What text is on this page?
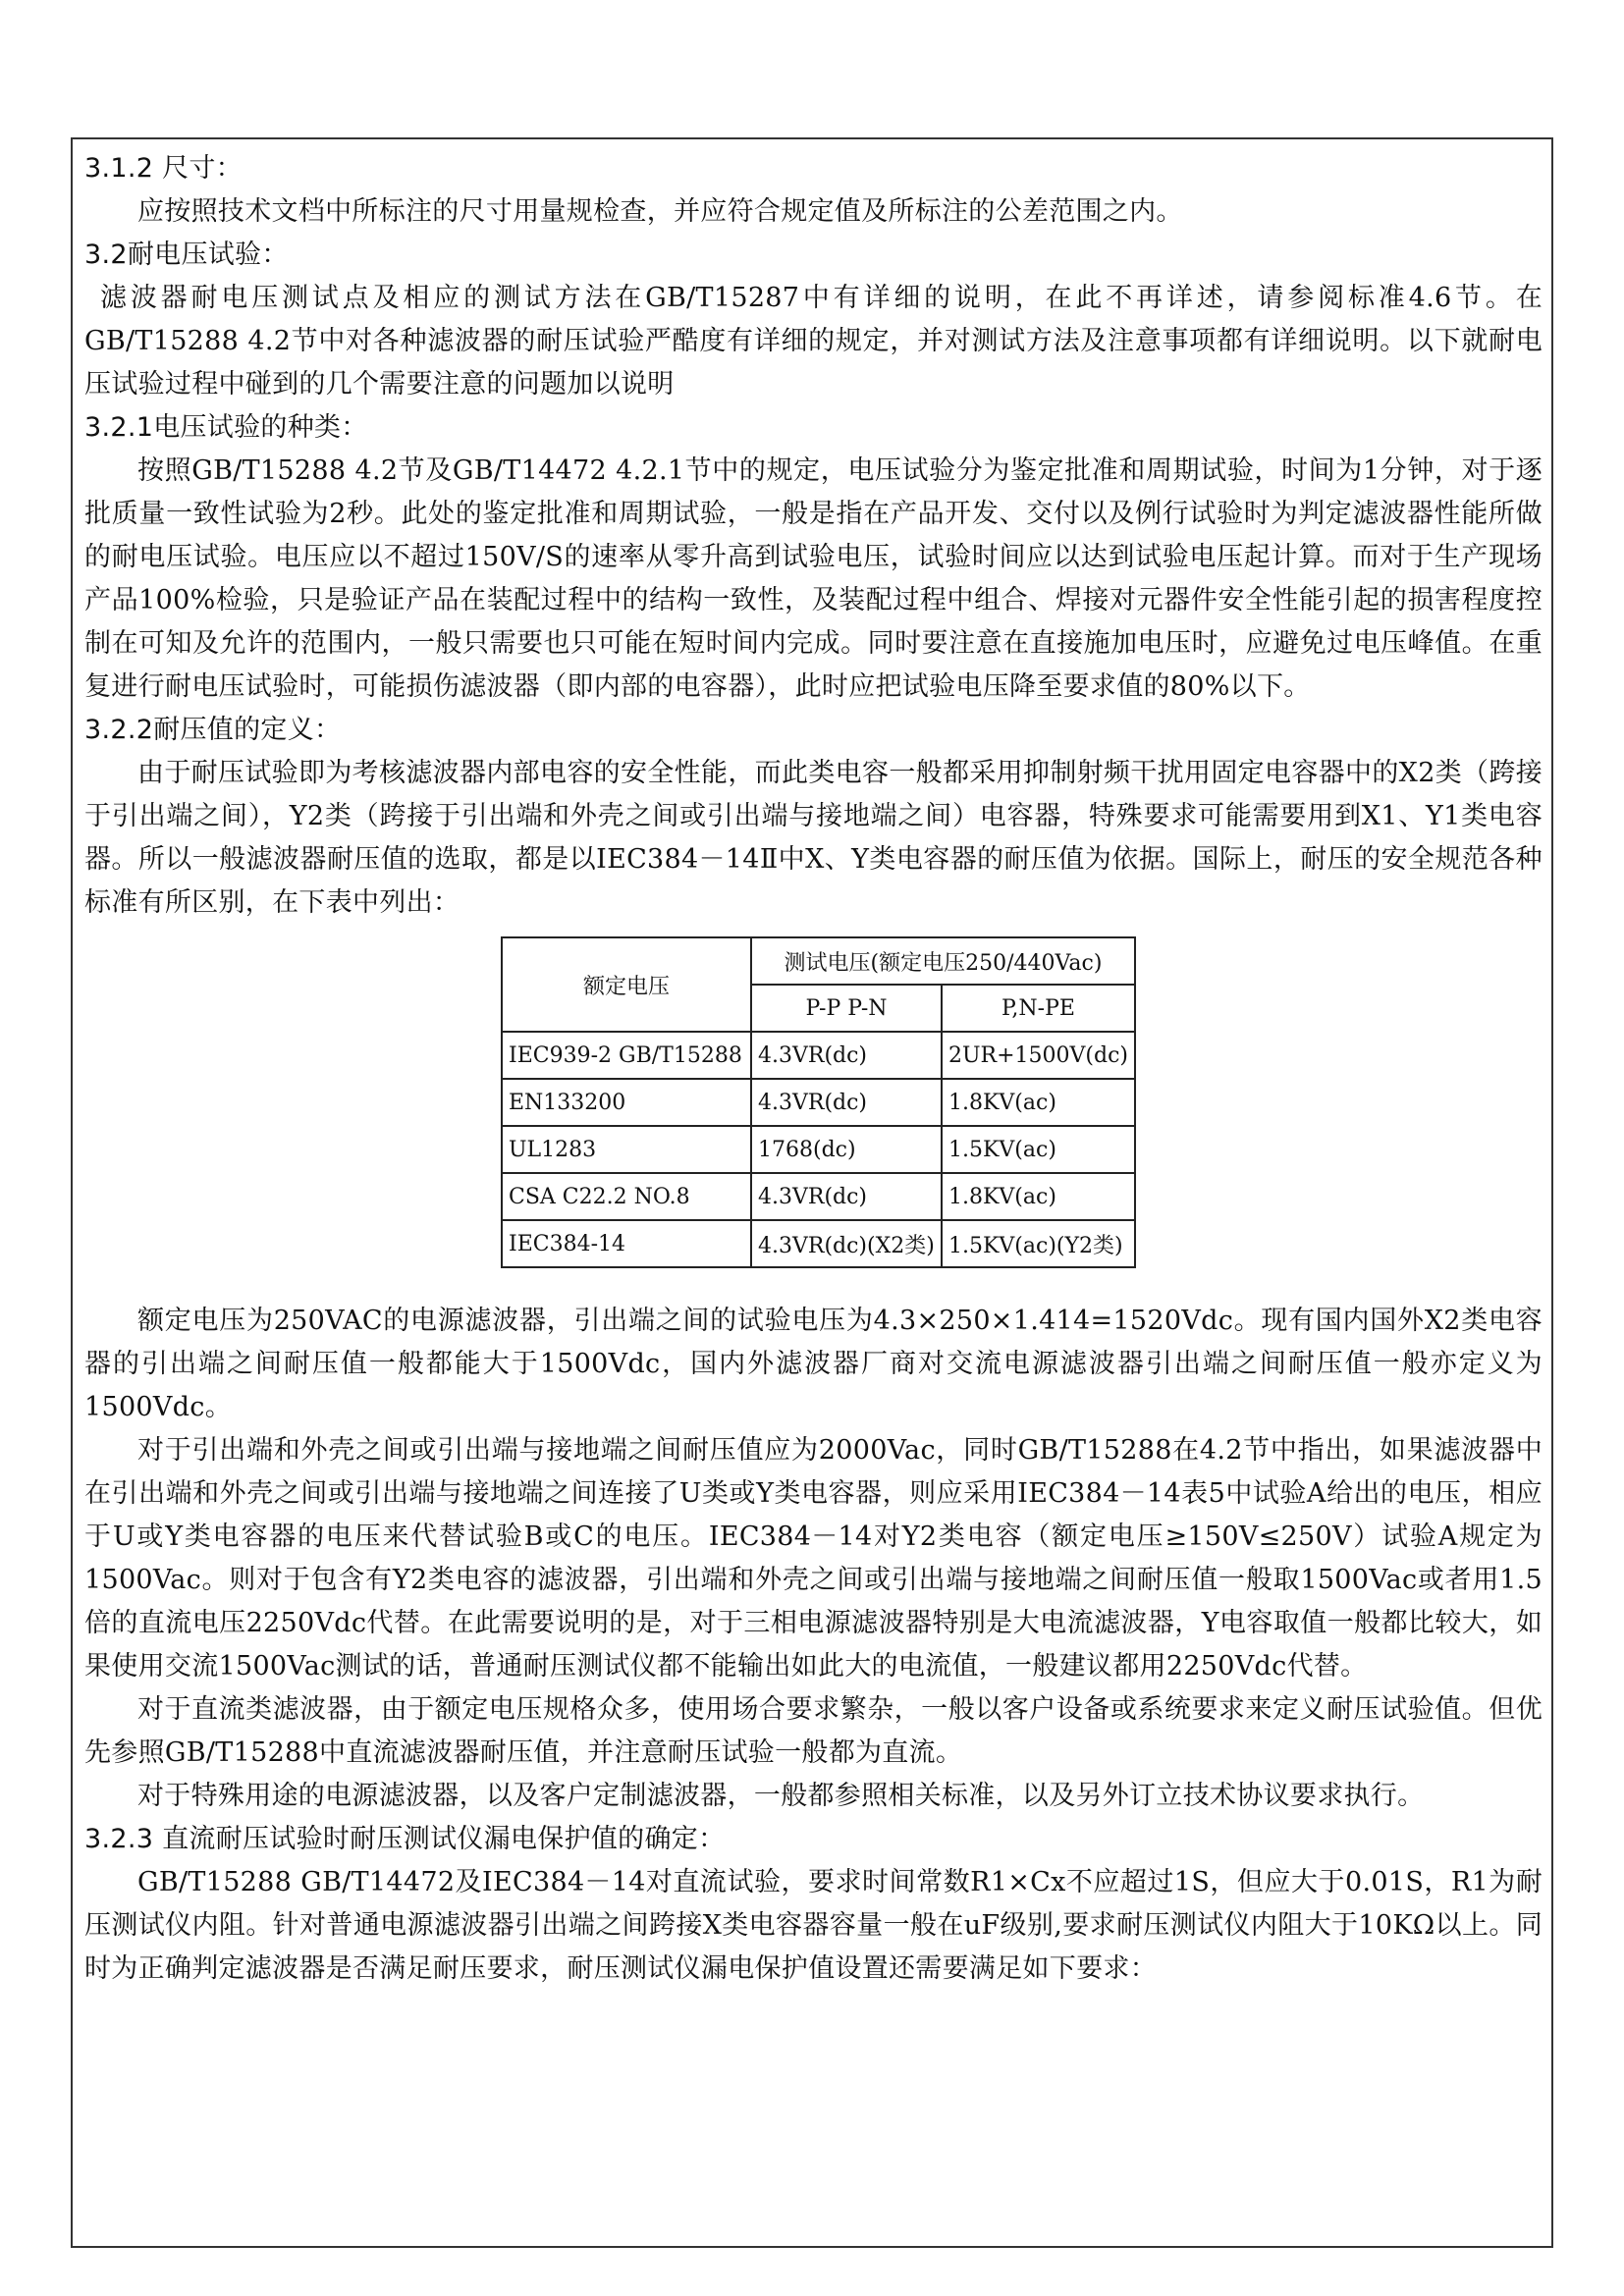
3.1.2 尺寸：
应按照技术文档中所标注的尺寸用量规检查，并应符合规定值及所标注的公差范围之内。
3.2耐电压试验：
滤波器耐电压测试点及相应的测试方法在GB/T15287中有详细的说明，在此不再详述，请参阅标准4.6节。在GB/T15288 4.2节中对各种滤波器的耐压试验严酷度有详细的规定，并对测试方法及注意事项都有详细说明。以下就耐电压试验过程中碰到的几个需要注意的问题加以说明
3.2.1电压试验的种类：
按照GB/T15288 4.2节及GB/T14472 4.2.1节中的规定，电压试验分为鉴定批准和周期试验，时间为1分钟，对于逐批质量一致性试验为2秒。此处的鉴定批准和周期试验，一般是指在产品开发、交付以及例行试验时为判定滤波器性能所做的耐电压试验。电压应以不超过150V/S的速率从零升高到试验电压，试验时间应以达到试验电压起计算。而对于生产现场产品100%检验，只是验证产品在装配过程中的结构一致性，及装配过程中组合、焊接对元器件安全性能引起的损害程度控制在可知及允许的范围内，一般只需要也只可能在短时间内完成。同时要注意在直接施加电压时，应避免过电压峰值。在重复进行耐电压试验时，可能损伤滤波器（即内部的电容器），此时应把试验电压降至要求值的80%以下。
3.2.2耐压值的定义：
由于耐压试验即为考核滤波器内部电容的安全性能，而此类电容一般都采用抑制射频干扰用固定电容器中的X2类（跨接于引出端之间），Y2类（跨接于引出端和外壳之间或引出端与接地端之间）电容器，特殊要求可能需要用到X1、Y1类电容器。所以一般滤波器耐压值的选取，都是以IEC384－14Ⅱ中X、Y类电容器的耐压值为依据。国际上，耐压的安全规范各种标准有所区别，在下表中列出：
额定电压	测试电压(额定电压250/440Vac)	
	P-P P-N	P,N-PE
IEC939-2 GB/T15288	4.3VR(dc)	2UR+1500V(dc)
EN133200	4.3VR(dc)	1.8KV(ac)
UL1283	1768(dc)	1.5KV(ac)
CSA C22.2 NO.8	4.3VR(dc)	1.8KV(ac)
IEC384-14	4.3VR(dc)(X2类)	1.5KV(ac)(Y2类)
额定电压为250VAC的电源滤波器，引出端之间的试验电压为4.3×250×1.414=1520Vdc。现有国内国外X2类电容器的引出端之间耐压值一般都能大于1500Vdc，国内外滤波器厂商对交流电源滤波器引出端之间耐压值一般亦定义为1500Vdc。
对于引出端和外壳之间或引出端与接地端之间耐压值应为2000Vac，同时GB/T15288在4.2节中指出，如果滤波器中在引出端和外壳之间或引出端与接地端之间连接了U类或Y类电容器，则应采用IEC384－14表5中试验A给出的电压，相应于U或Y类电容器的电压来代替试验B或C的电压。IEC384－14对Y2类电容（额定电压≥150V≤250V）试验A规定为1500Vac。则对于包含有Y2类电容的滤波器，引出端和外壳之间或引出端与接地端之间耐压值一般取1500Vac或者用1.5倍的直流电压2250Vdc代替。在此需要说明的是，对于三相电源滤波器特别是大电流滤波器，Y电容取值一般都比较大，如果使用交流1500Vac测试的话，普通耐压测试仪都不能输出如此大的电流值，一般建议都用2250Vdc代替。
对于直流类滤波器，由于额定电压规格众多，使用场合要求繁杂，一般以客户设备或系统要求来定义耐压试验值。但优先参照GB/T15288中直流滤波器耐压值，并注意耐压试验一般都为直流。
对于特殊用途的电源滤波器，以及客户定制滤波器，一般都参照相关标准，以及另外订立技术协议要求执行。
3.2.3 直流耐压试验时耐压测试仪漏电保护值的确定：
GB/T15288 GB/T14472及IEC384－14对直流试验，要求时间常数R1×Cx不应超过1S，但应大于0.01S，R1为耐压测试仪内阻。针对普通电源滤波器引出端之间跨接X类电容器容量一般在uF级别,要求耐压测试仪内阻大于10KΩ以上。同时为正确判定滤波器是否满足耐压要求，耐压测试仪漏电保护值设置还需要满足如下要求：
